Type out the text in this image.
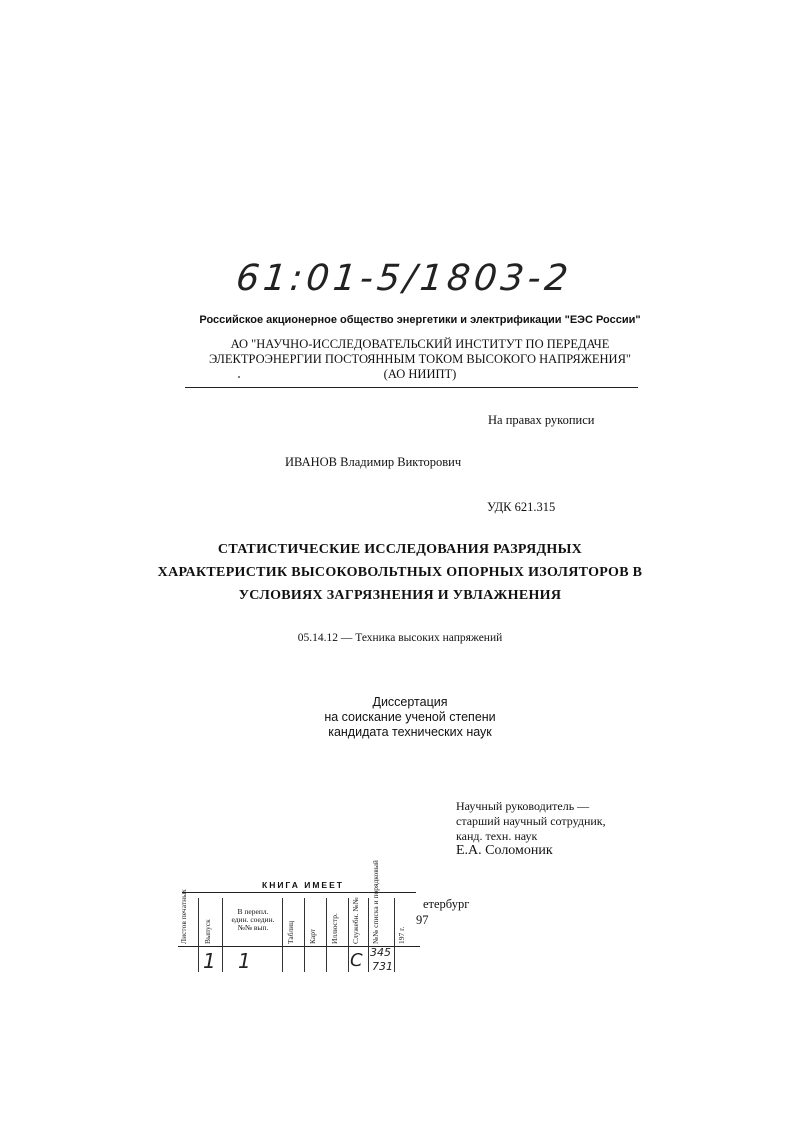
61:01-5/1803-2
Российское акционерное общество энергетики и электрификации "ЕЭС России"
АО "НАУЧНО-ИССЛЕДОВАТЕЛЬСКИЙ ИНСТИТУТ ПО ПЕРЕДАЧЕ
ЭЛЕКТРОЭНЕРГИИ ПОСТОЯННЫМ ТОКОМ ВЫСОКОГО НАПРЯЖЕНИЯ"
(АО НИИПТ)
На правах рукописи
ИВАНОВ Владимир Викторович
УДК 621.315
СТАТИСТИЧЕСКИЕ ИССЛЕДОВАНИЯ РАЗРЯДНЫХ
ХАРАКТЕРИСТИК ВЫСОКОВОЛЬТНЫХ ОПОРНЫХ ИЗОЛЯТОРОВ В
УСЛОВИЯХ ЗАГРЯЗНЕНИЯ И УВЛАЖНЕНИЯ
05.14.12 — Техника высоких напряжений
Диссертация
на соискание ученой степени
кандидата технических наук
Научный руководитель —
старший научный сотрудник,
канд. техн. наук
Е.А. Соломоник
КНИГА ИМЕЕТ
Листов печатных Выпуск
В перепл. един. соедин. №№ вып.	Таблиц Карт Иллюстр. Служебн. №№ №№ списка и порядковый 197 г.
1 1	С 345
731
етербург
97
